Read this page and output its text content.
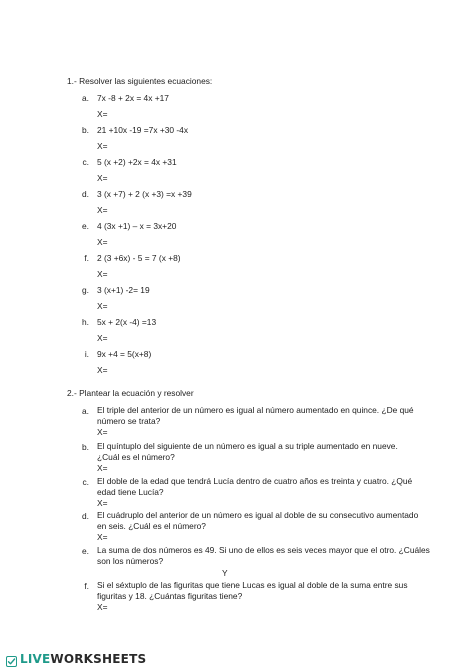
1.- Resolver las siguientes ecuaciones:
a. 7x -8 + 2x = 4x +17
X=
b. 21 +10x -19 =7x +30 -4x
X=
c. 5 (x +2) +2x = 4x +31
X=
d. 3 (x +7) + 2 (x +3) =x +39
X=
e. 4 (3x +1) – x = 3x+20
X=
f. 2 (3 +6x) - 5 = 7 (x +8)
X=
g. 3 (x+1) -2= 19
X=
h. 5x + 2(x -4) =13
X=
i. 9x +4 = 5(x+8)
X=
2.- Plantear la ecuación y resolver
a. El triple del anterior de un número es igual al número aumentado en quince. ¿De qué
número se trata?
X=
b. El quíntuplo del siguiente de un número es igual a su triple aumentado en nueve.
¿Cuál es el número?
X=
c. El doble de la edad que tendrá Lucía dentro de cuatro años es treinta y cuatro. ¿Qué
edad tiene Lucía?
X=
d. El cuádruplo del anterior de un número es igual al doble de su consecutivo aumentado
en seis. ¿Cuál es el número?
X=
e. La suma de dos números es 49. Si uno de ellos es seis veces mayor que el otro. ¿Cuáles
son los números?
Y
f. Si el séxtuplo de las figuritas que tiene Lucas es igual al doble de la suma entre sus
figuritas y 18. ¿Cuántas figuritas tiene?
X=
LIVEWORKSHEETS
